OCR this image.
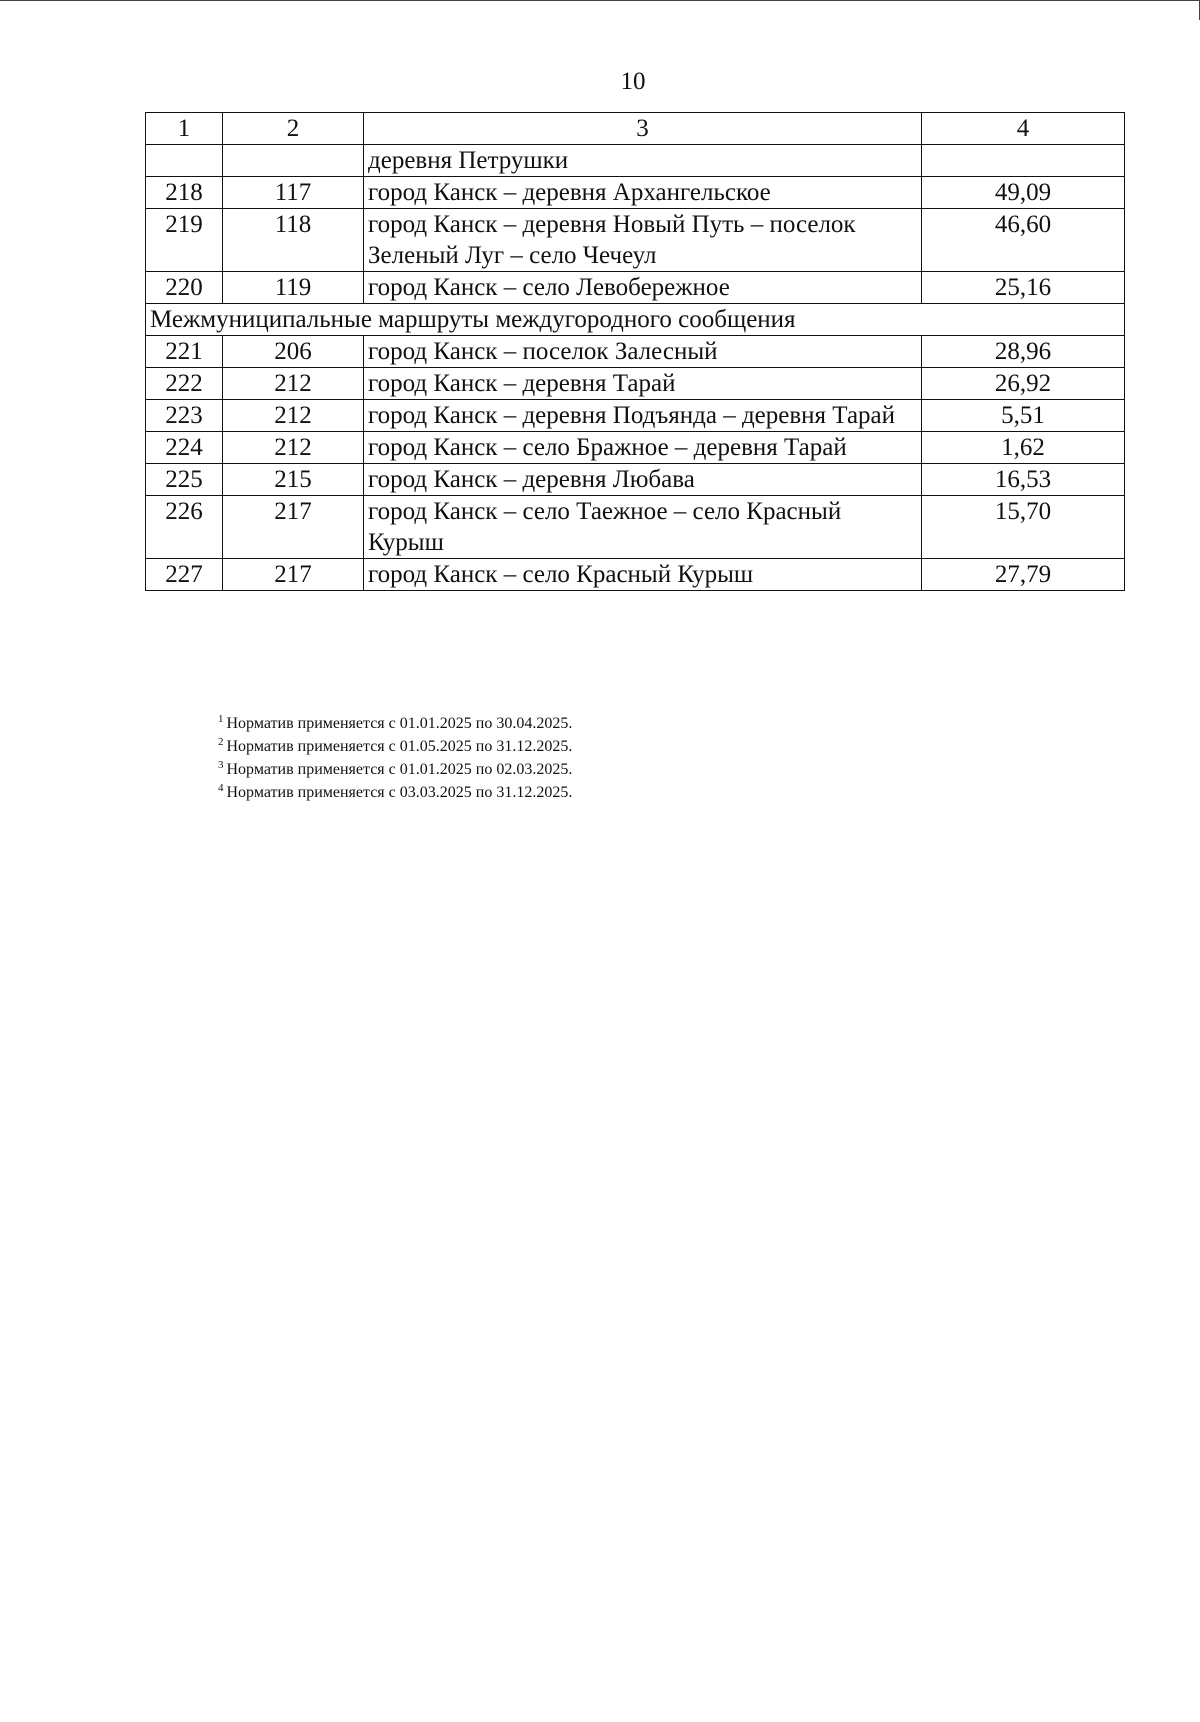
10
1	2	3	4
		деревня Петрушки	
218	117	город Канск – деревня Архангельское	49,09
219	118	город Канск – деревня Новый Путь – поселок Зеленый Луг – село Чечеул	46,60
220	119	город Канск – село Левобережное	25,16
Межмуниципальные маршруты междугородного сообщения			
221	206	город Канск – поселок Залесный	28,96
222	212	город Канск – деревня Тарай	26,92
223	212	город Канск – деревня Подъянда – деревня Тарай	5,51
224	212	город Канск – село Бражное – деревня Тарай	1,62
225	215	город Канск – деревня Любава	16,53
226	217	город Канск – село Таежное – село Красный Курыш	15,70
227	217	город Канск – село Красный Курыш	27,79
$^1$ Норматив применяется с 01.01.2025 по 30.04.2025.
$^2$ Норматив применяется с 01.05.2025 по 31.12.2025.
$^3$ Норматив применяется с 01.01.2025 по 02.03.2025.
$^4$ Норматив применяется с 03.03.2025 по 31.12.2025.
